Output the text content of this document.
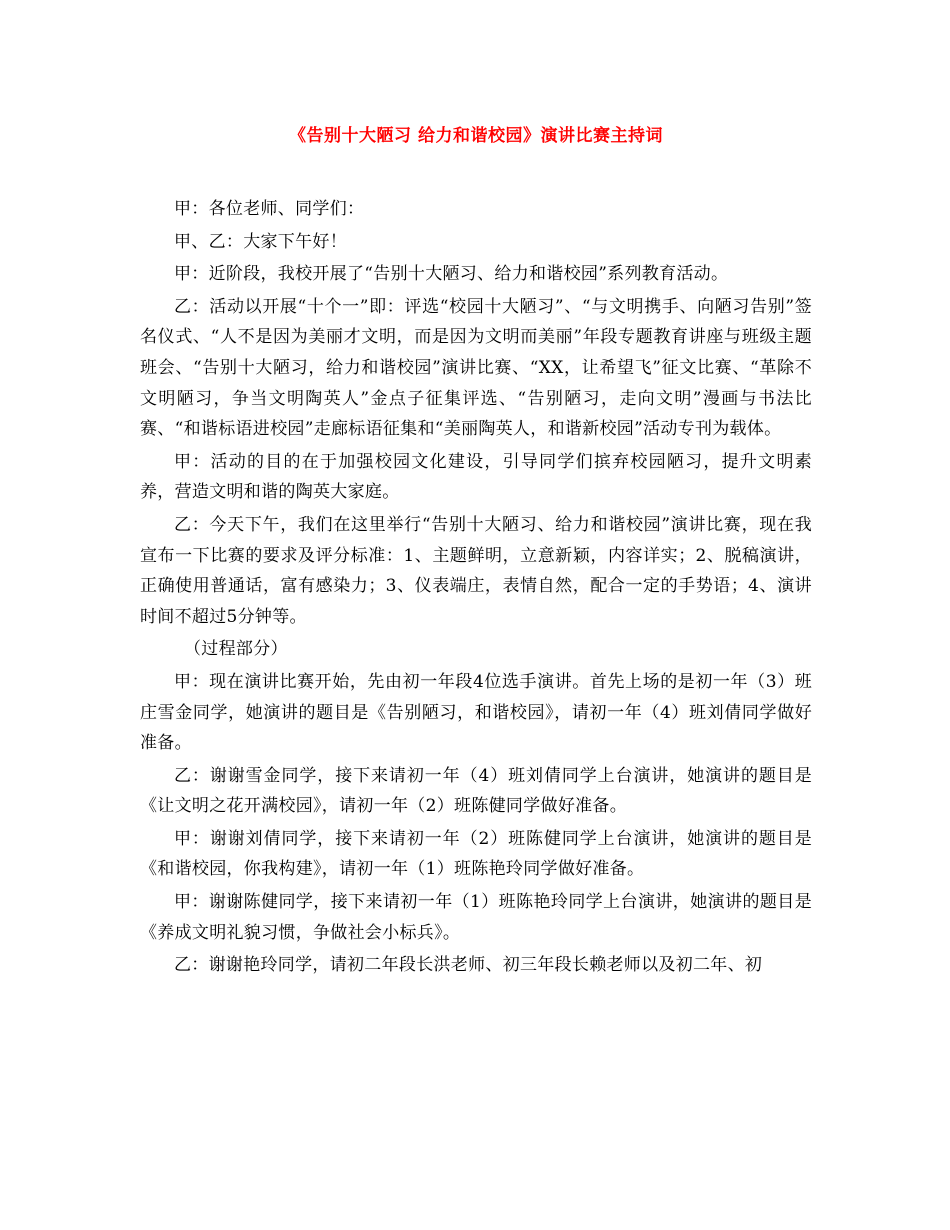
《告别十大陋习 给力和谐校园》演讲比赛主持词

甲：各位老师、同学们：

甲、乙：大家下午好！

甲：近阶段，我校开展了“告别十大陋习、给力和谐校园”系列教育活动。

乙：活动以开展“十个一”即：评选“校园十大陋习”、“与文明携手、向陋习告别”签名仪式、“人不是因为美丽才文明，而是因为文明而美丽”年段专题教育讲座与班级主题班会、“告别十大陋习，给力和谐校园”演讲比赛、“XX，让希望飞”征文比赛、“革除不文明陋习，争当文明陶英人”金点子征集评选、“告别陋习，走向文明”漫画与书法比赛、“和谐标语进校园”走廊标语征集和“美丽陶英人，和谐新校园”活动专刊为载体。

甲：活动的目的在于加强校园文化建设，引导同学们摈弃校园陋习，提升文明素养，营造文明和谐的陶英大家庭。

乙：今天下午，我们在这里举行“告别十大陋习、给力和谐校园”演讲比赛，现在我宣布一下比赛的要求及评分标准：1、主题鲜明，立意新颖，内容详实；2、脱稿演讲，正确使用普通话，富有感染力；3、仪表端庄，表情自然，配合一定的手势语；4、演讲时间不超过5分钟等。

（过程部分）

甲：现在演讲比赛开始，先由初一年段4位选手演讲。首先上场的是初一年（3）班庄雪金同学，她演讲的题目是《告别陋习，和谐校园》，请初一年（4）班刘倩同学做好准备。

乙：谢谢雪金同学，接下来请初一年（4）班刘倩同学上台演讲，她演讲的题目是《让文明之花开满校园》，请初一年（2）班陈健同学做好准备。

甲：谢谢刘倩同学，接下来请初一年（2）班陈健同学上台演讲，她演讲的题目是《和谐校园，你我构建》，请初一年（1）班陈艳玲同学做好准备。

甲：谢谢陈健同学，接下来请初一年（1）班陈艳玲同学上台演讲，她演讲的题目是《养成文明礼貌习惯，争做社会小标兵》。

乙：谢谢艳玲同学，请初二年段长洪老师、初三年段长赖老师以及初二年、初
